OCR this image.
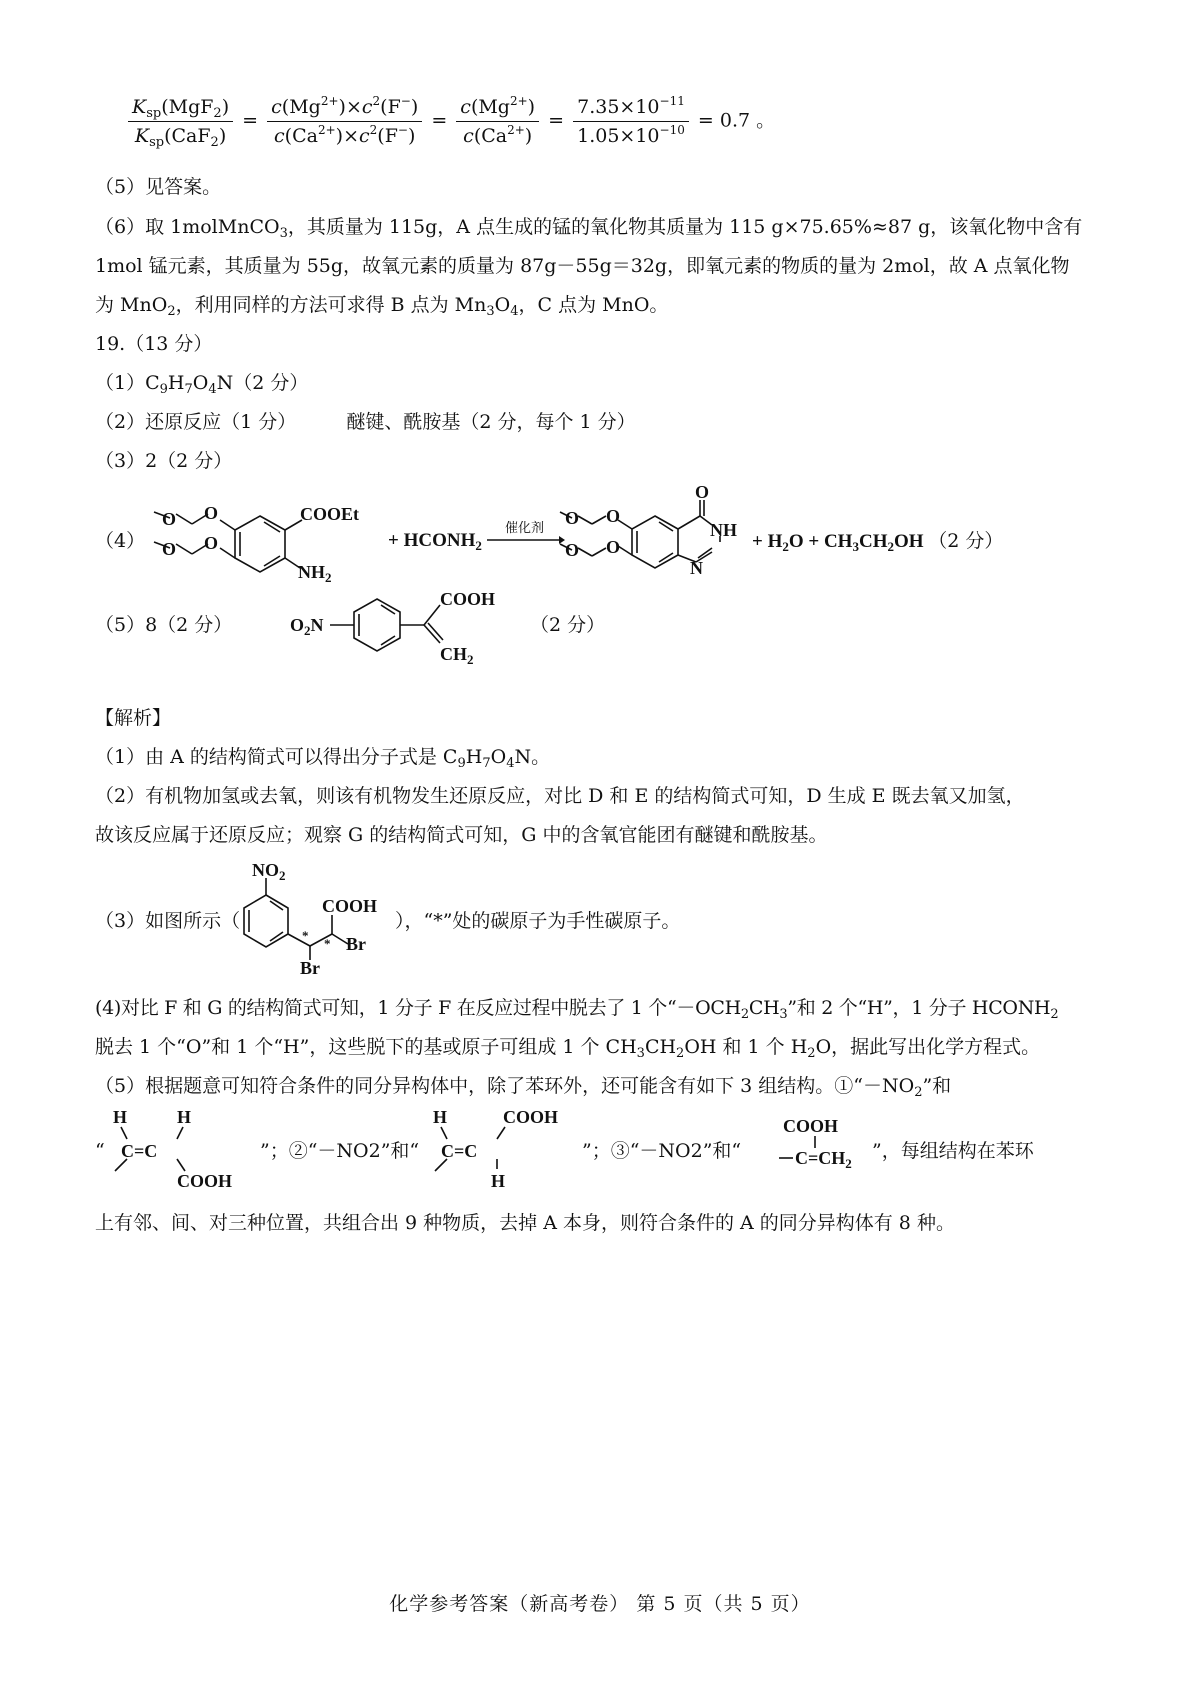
$\frac{K_{sp}(MgF_2)}{K_{sp}(CaF_2)} = \frac{c(Mg^{2+})\times c^2(F^-)}{c(Ca^{2+})\times c^2(F^-)} = \frac{c(Mg^{2+})}{c(Ca^{2+})} = \frac{7.35\times 10^{-11}}{1.05\times 10^{-10}} = 0.7$ 。
（5）见答案。
（6）取 1molMnCO$_3$，其质量为 115g，A 点生成的锰的氧化物其质量为 115 g×75.65%≈87 g，该氧化物中含有
1mol 锰元素，其质量为 55g，故氧元素的质量为 87g－55g＝32g，即氧元素的物质的量为 2mol，故 A 点氧化物
为 MnO$_2$，利用同样的方法可求得 B 点为 $Mn_3O_4$，C 点为 MnO。
19.（13 分）
$(1)C_9H_7O_4N(2$ 分）
（2）还原反应（1 分）	醚键、酰胺基（2 分，每个 1 分）
（3）2（2 分）
（4）
O
O
O
O
COOEt
$NH_2$
+ $HCONH_2$
催化剂
O
O
O
O
O
NH
N
+ $H_2O + CH_3CH_2OH$ （2 分）
（5）8（2 分）	$O_2N$
COOH
$CH_2$
（2 分）
【解析】
（1）由 A 的结构简式可以得出分子式是 $C_9H_7O_4N$。
（2）有机物加氢或去氧，则该有机物发生还原反应，对比 D 和 E 的结构简式可知，D 生成 E 既去氧又加氢，
故该反应属于还原反应；观察 G 的结构简式可知，G 中的含氧官能团有醚键和酰胺基。
（3）如图所示（
$NO_2$
COOH
Br
Br
*
*
），“*”处的碳原子为手性碳原子。
(4)对比 F 和 G 的结构简式可知，1 分子 F 在反应过程中脱去了 1 个“$-OCH_2CH_3$”和 2 个“H”，1 分子 $HCONH_2$
脱去 1 个“O”和 1 个“H”，这些脱下的基或原子可组成 1 个 $CH_3CH_2OH$ 和 1 个 $H_2O$，据此写出化学方程式。
（5）根据题意可知符合条件的同分异构体中，除了苯环外，还可能含有如下 3 组结构。$①“-NO_2$”和
“
H	H
C=C
COOH
”；②“－NO2”和“
H	COOH
C=C
H
”；③“－NO2”和“
COOH
$C=CH_2$
”，每组结构在苯环
上有邻、间、对三种位置，共组合出 9 种物质，去掉 A 本身，则符合条件的 A 的同分异构体有 8 种。
化学参考答案（新高考卷） 第 5 页（共 5 页）
